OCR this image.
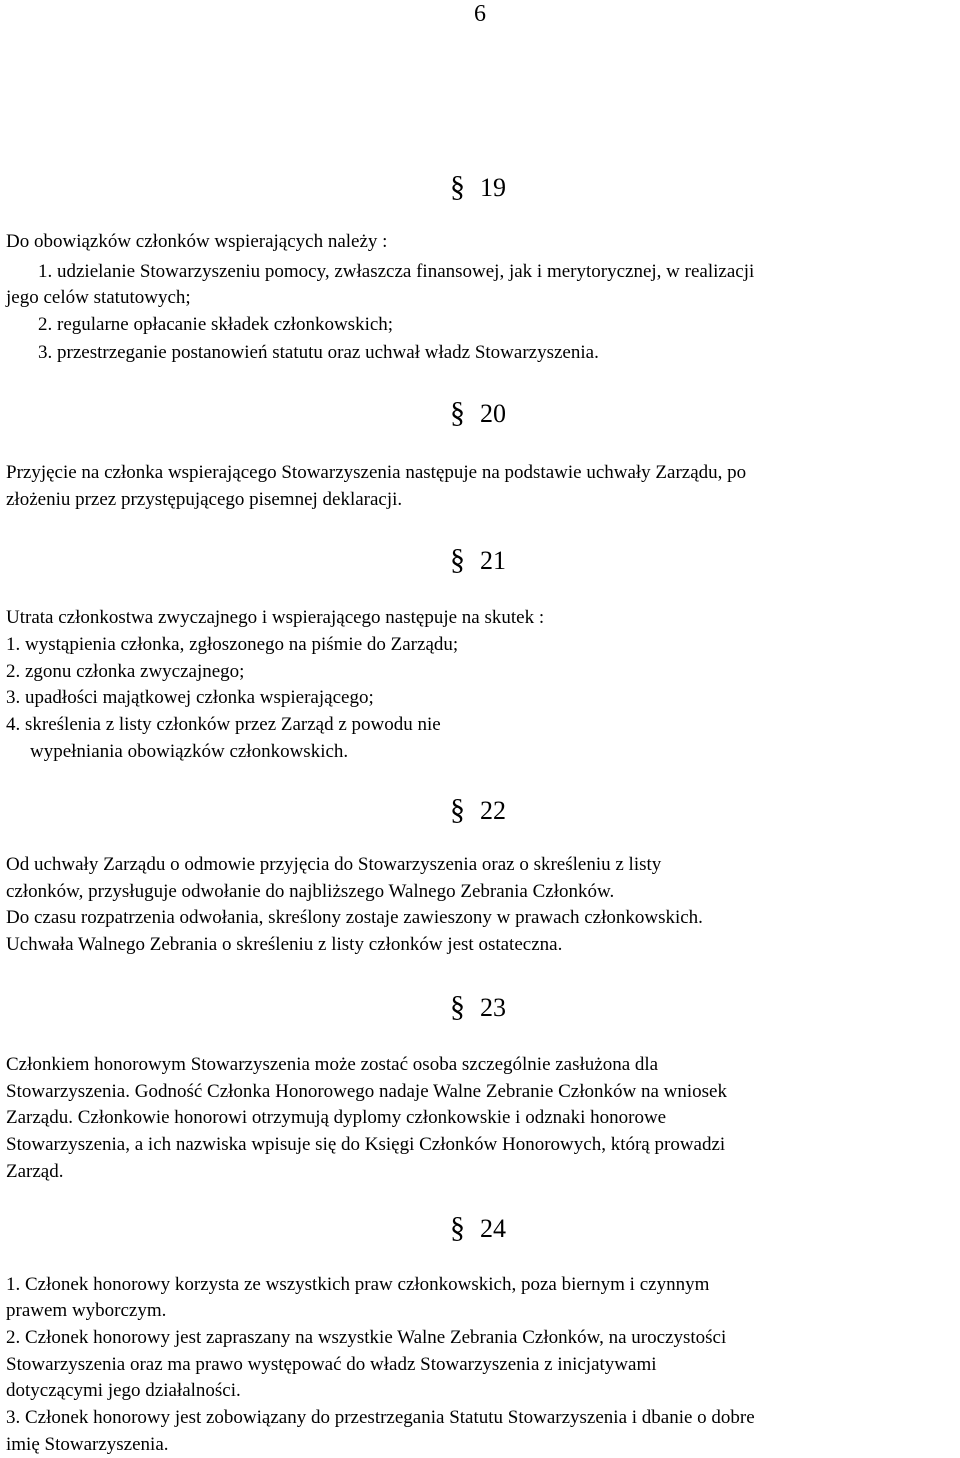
6
§ 19
Do obowiązków członków wspierających należy :
1. udzielanie Stowarzyszeniu pomocy, zwłaszcza finansowej, jak i merytorycznej, w realizacji
jego celów statutowych;
2. regularne opłacanie składek członkowskich;
3. przestrzeganie postanowień statutu oraz uchwał władz Stowarzyszenia.
§ 20
Przyjęcie na członka wspierającego Stowarzyszenia następuje na podstawie uchwały Zarządu, po
złożeniu przez przystępującego pisemnej deklaracji.
§ 21
Utrata członkostwa zwyczajnego i wspierającego następuje na skutek :
1. wystąpienia członka, zgłoszonego na piśmie do Zarządu;
2. zgonu członka zwyczajnego;
3. upadłości majątkowej członka wspierającego;
4. skreślenia z listy członków przez Zarząd z powodu nie
wypełniania obowiązków członkowskich.
§ 22
Od uchwały Zarządu o odmowie przyjęcia do Stowarzyszenia oraz o skreśleniu z listy
członków, przysługuje odwołanie do najbliższego Walnego Zebrania Członków.
Do czasu rozpatrzenia odwołania, skreślony zostaje zawieszony w prawach członkowskich.
Uchwała Walnego Zebrania o skreśleniu z listy członków jest ostateczna.
§ 23
Członkiem honorowym Stowarzyszenia może zostać osoba szczególnie zasłużona dla
Stowarzyszenia. Godność Członka Honorowego nadaje Walne Zebranie Członków na wniosek
Zarządu. Członkowie honorowi otrzymują dyplomy członkowskie i odznaki honorowe
Stowarzyszenia, a ich nazwiska wpisuje się do Księgi Członków Honorowych, którą prowadzi
Zarząd.
§ 24
1. Członek honorowy korzysta ze wszystkich praw członkowskich, poza biernym i czynnym
prawem wyborczym.
2. Członek honorowy jest zapraszany na wszystkie Walne Zebrania Członków, na uroczystości
Stowarzyszenia oraz ma prawo występować do władz Stowarzyszenia z inicjatywami
dotyczącymi jego działalności.
3. Członek honorowy jest zobowiązany do przestrzegania Statutu Stowarzyszenia i dbanie o dobre
imię Stowarzyszenia.
